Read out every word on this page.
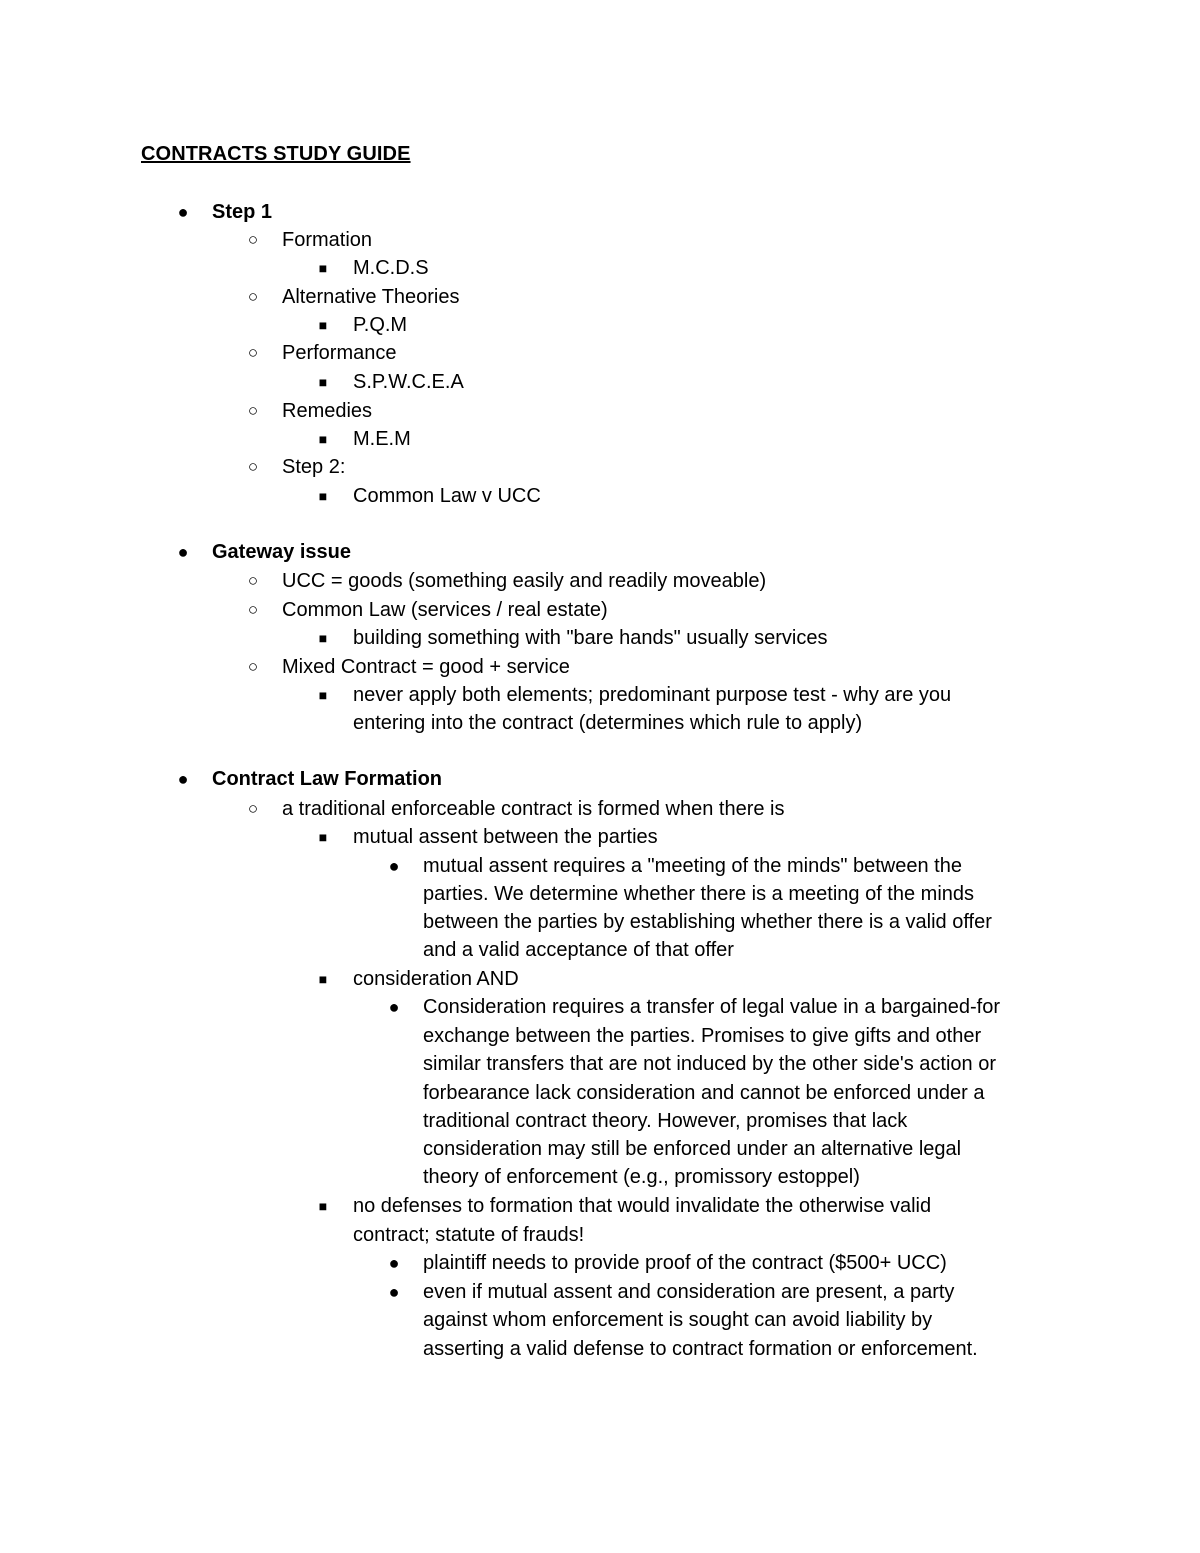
CONTRACTS STUDY GUIDE
● Step 1
○ Formation
■ M.C.D.S
○ Alternative Theories
■ P.Q.M
○ Performance
■ S.P.W.C.E.A
○ Remedies
■ M.E.M
○ Step 2:
■ Common Law v UCC
● Gateway issue
○ UCC = goods (something easily and readily moveable)
○ Common Law (services / real estate)
■ building something with "bare hands" usually services
○ Mixed Contract = good + service
■ never apply both elements; predominant purpose test - why are you
entering into the contract (determines which rule to apply)
● Contract Law Formation
○ a traditional enforceable contract is formed when there is
■ mutual assent between the parties
● mutual assent requires a "meeting of the minds" between the
parties. We determine whether there is a meeting of the minds
between the parties by establishing whether there is a valid offer
and a valid acceptance of that offer
■ consideration AND
● Consideration requires a transfer of legal value in a bargained-for
exchange between the parties. Promises to give gifts and other
similar transfers that are not induced by the other side's action or
forbearance lack consideration and cannot be enforced under a
traditional contract theory. However, promises that lack
consideration may still be enforced under an alternative legal
theory of enforcement (e.g., promissory estoppel)
■ no defenses to formation that would invalidate the otherwise valid
contract; statute of frauds!
● plaintiff needs to provide proof of the contract ($500+ UCC)
● even if mutual assent and consideration are present, a party
against whom enforcement is sought can avoid liability by
asserting a valid defense to contract formation or enforcement.
